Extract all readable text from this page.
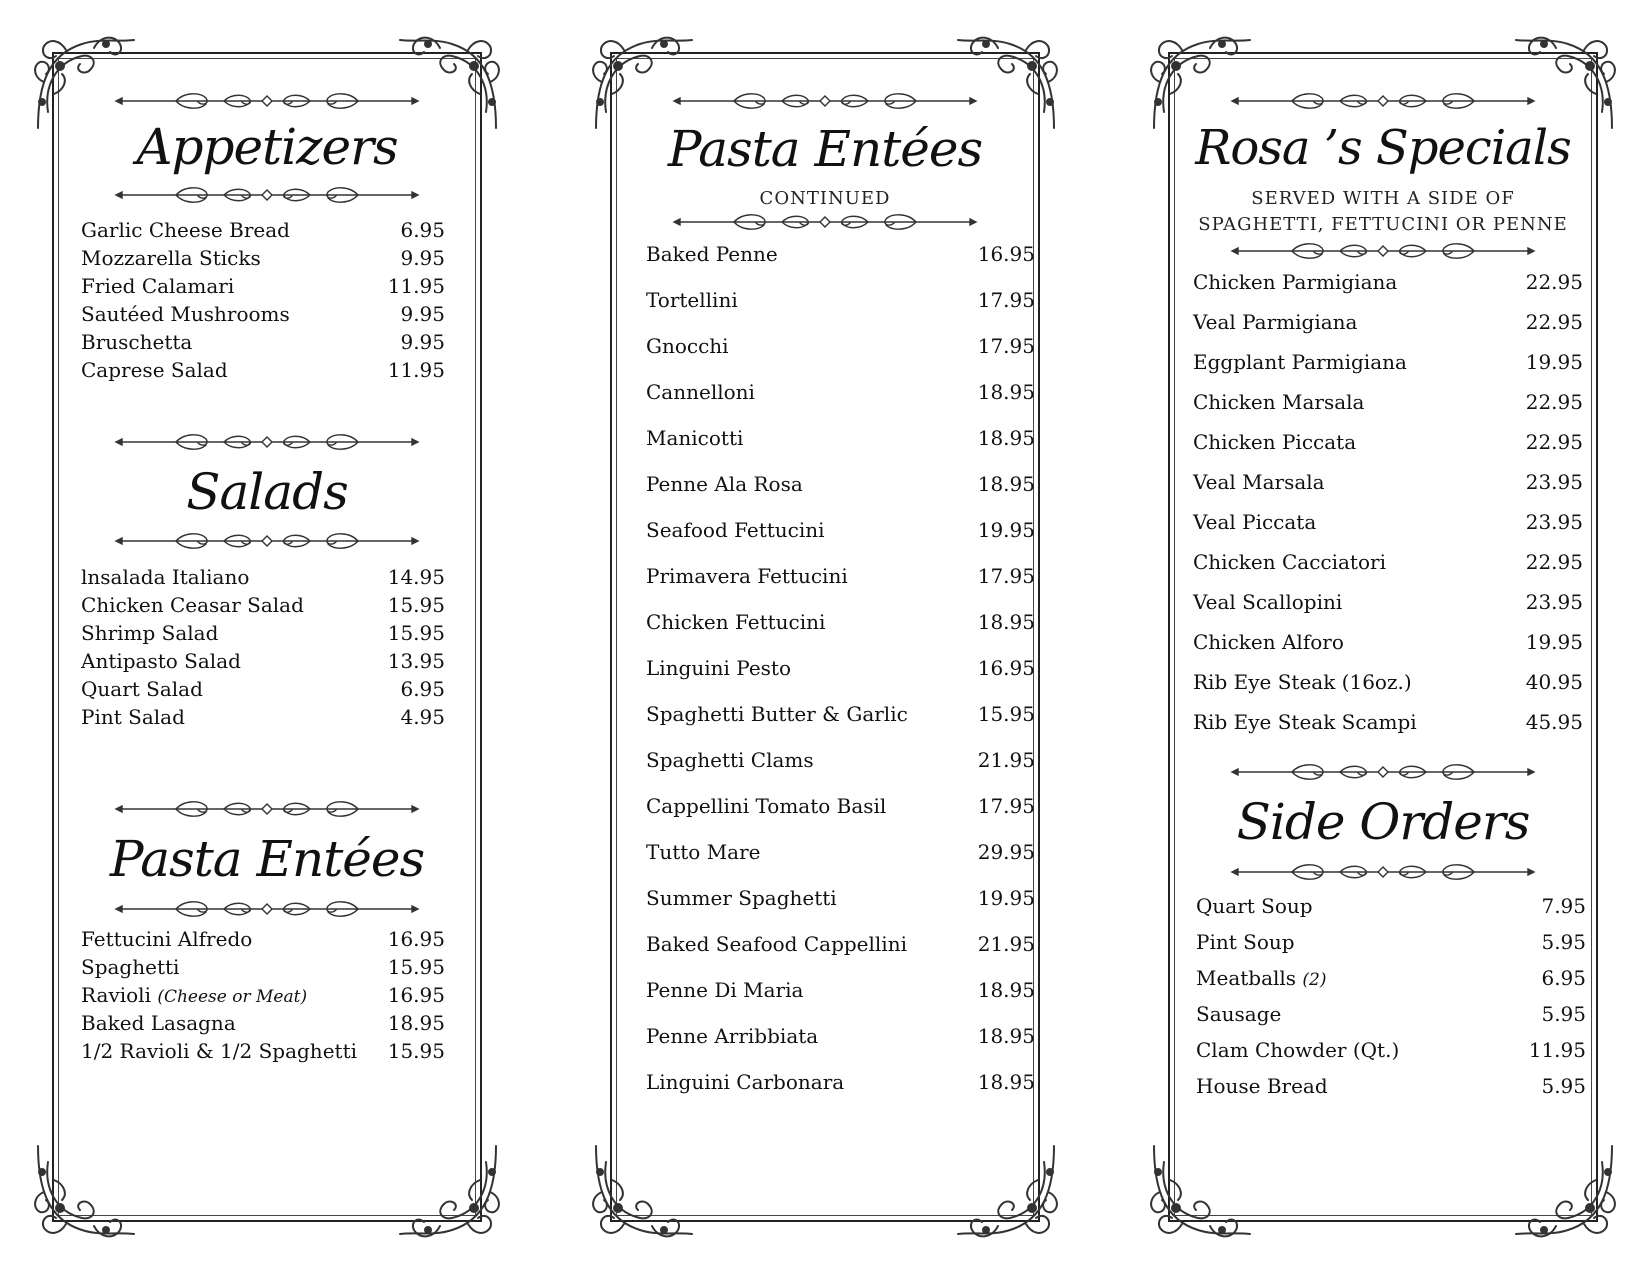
Appetizers
Garlic Cheese Bread	6.95
Mozzarella Sticks	9.95
Fried Calamari	11.95
Sautéed Mushrooms	9.95
Bruschetta	9.95
Caprese Salad	11.95
Salads
lnsalada Italiano	14.95
Chicken Ceasar Salad	15.95
Shrimp Salad	15.95
Antipasto Salad	13.95
Quart Salad	6.95
Pint Salad	4.95
Pasta Entées
Fettucini Alfredo	16.95
Spaghetti	15.95
Ravioli (Cheese or Meat)	16.95
Baked Lasagna	18.95
1/2 Ravioli & 1/2 Spaghetti 15.95
Pasta Entées
CONTINUED
Baked Penne	16.95
Tortellini	17.95
Gnocchi	17.95
Cannelloni	18.95
Manicotti	18.95
Penne Ala Rosa	18.95
Seafood Fettucini	19.95
Primavera Fettucini	17.95
Chicken Fettucini	18.95
Linguini Pesto	16.95
Spaghetti Butter & Garlic	15.95
Spaghetti Clams	21.95
Cappellini Tomato Basil	17.95
Tutto Mare	29.95
Summer Spaghetti	19.95
Baked Seafood Cappellini	21.95
Penne Di Maria	18.95
Penne Arribbiata	18.95
Linguini Carbonara	18.95
Rosa ’s Specials
SERVED WITH A SIDE OF
SPAGHETTI, FETTUCINI OR PENNE
Chicken Parmigiana	22.95
Veal Parmigiana	22.95
Eggplant Parmigiana	19.95
Chicken Marsala	22.95
Chicken Piccata	22.95
Veal Marsala	23.95
Veal Piccata	23.95
Chicken Cacciatori	22.95
Veal Scallopini	23.95
Chicken Alforo	19.95
Rib Eye Steak (16oz.)	40.95
Rib Eye Steak Scampi	45.95
Side Orders
Quart Soup	7.95
Pint Soup	5.95
Meatballs (2)	6.95
Sausage	5.95
Clam Chowder (Qt.)	11.95
House Bread	5.95
